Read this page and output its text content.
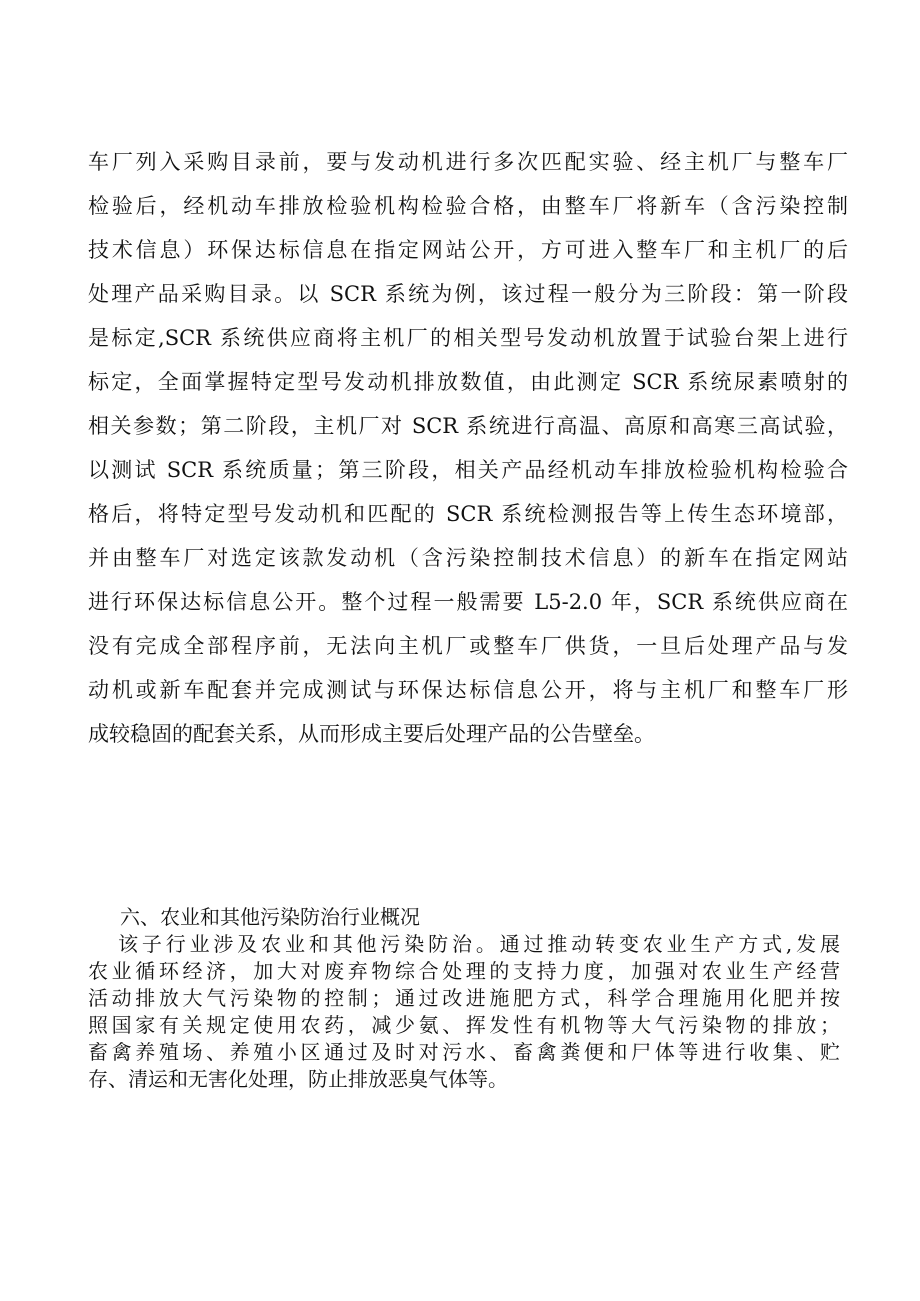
车厂列入采购目录前，要与发动机进行多次匹配实验、经主机厂与整车厂
检验后，经机动车排放检验机构检验合格，由整车厂将新车（含污染控制
技术信息）环保达标信息在指定网站公开，方可进入整车厂和主机厂的后
处理产品采购目录。以 SCR 系统为例，该过程一般分为三阶段：第一阶段
是标定,SCR 系统供应商将主机厂的相关型号发动机放置于试验台架上进行
标定，全面掌握特定型号发动机排放数值，由此测定 SCR 系统尿素喷射的
相关参数；第二阶段，主机厂对 SCR 系统进行高温、高原和高寒三高试验，
以测试 SCR 系统质量；第三阶段，相关产品经机动车排放检验机构检验合
格后，将特定型号发动机和匹配的 SCR 系统检测报告等上传生态环境部，
并由整车厂对选定该款发动机（含污染控制技术信息）的新车在指定网站
进行环保达标信息公开。整个过程一般需要 L5-2.0 年，SCR 系统供应商在
没有完成全部程序前，无法向主机厂或整车厂供货，一旦后处理产品与发
动机或新车配套并完成测试与环保达标信息公开，将与主机厂和整车厂形
成较稳固的配套关系，从而形成主要后处理产品的公告壁垒。
六、农业和其他污染防治行业概况
该子行业涉及农业和其他污染防治。通过推动转变农业生产方式,发展
农业循环经济，加大对废弃物综合处理的支持力度，加强对农业生产经营
活动排放大气污染物的控制；通过改进施肥方式，科学合理施用化肥并按
照国家有关规定使用农药，减少氨、挥发性有机物等大气污染物的排放；
畜禽养殖场、养殖小区通过及时对污水、畜禽粪便和尸体等进行收集、贮
存、清运和无害化处理，防止排放恶臭气体等。
